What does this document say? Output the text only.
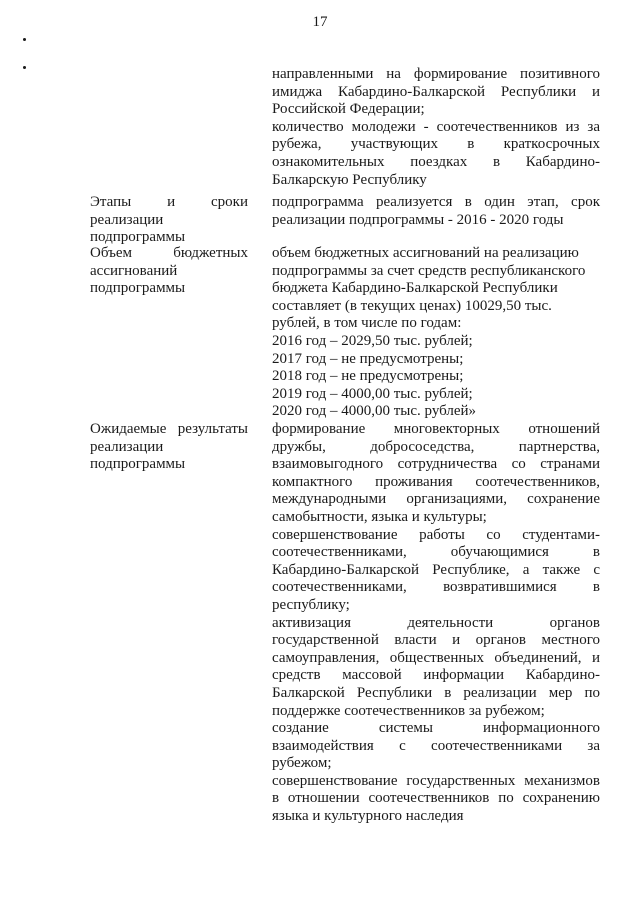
17
направленными на формирование позитивного
имиджа Кабардино-Балкарской Республики и
Российской Федерации;
количество молодежи - соотечественников из за
рубежа, участвующих в краткосрочных
ознакомительных поездках в Кабардино-
Балкарскую Республику
Этапы и сроки
реализации
подпрограммы
подпрограмма реализуется в один этап, срок
реализации подпрограммы - 2016 - 2020 годы
Объем бюджетных
ассигнований
подпрограммы
объем бюджетных ассигнований на реализацию
подпрограммы за счет средств республиканского
бюджета Кабардино-Балкарской Республики
составляет (в текущих ценах) 10029,50 тыс.
рублей, в том числе по годам:
2016 год – 2029,50 тыс. рублей;
2017 год – не предусмотрены;
2018 год – не предусмотрены;
2019 год – 4000,00 тыс. рублей;
2020 год – 4000,00 тыс. рублей»
Ожидаемые результаты
реализации
подпрограммы
формирование многовекторных отношений
дружбы, добрососедства, партнерства,
взаимовыгодного сотрудничества со странами
компактного проживания соотечественников,
международными организациями, сохранение
самобытности, языка и культуры;
совершенствование работы со студентами-
соотечественниками, обучающимися в
Кабардино-Балкарской Республике, а также с
соотечественниками, возвратившимися в
республику;
активизация деятельности органов
государственной власти и органов местного
самоуправления, общественных объединений, и
средств массовой информации Кабардино-
Балкарской Республики в реализации мер по
поддержке соотечественников за рубежом;
создание системы информационного
взаимодействия с соотечественниками за
рубежом;
совершенствование государственных механизмов
в отношении соотечественников по сохранению
языка и культурного наследия
